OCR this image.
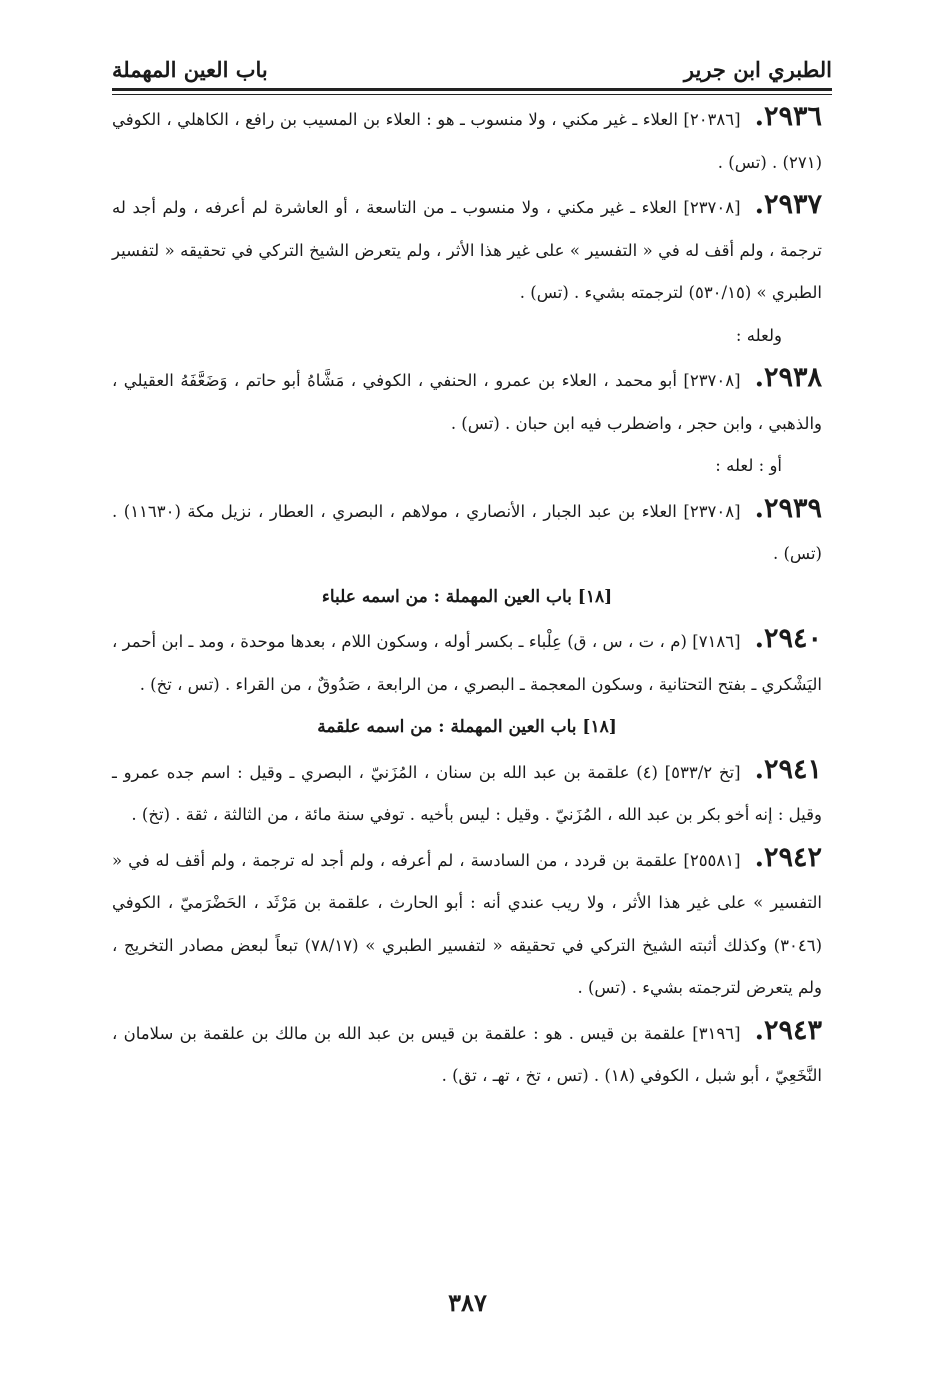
الطبري ابن جرير
باب العين المهملة

٢٩٣٦.[٢٠٣٨٦] العلاء ـ غير مكني ، ولا منسوب ـ هو : العلاء بن المسيب بن رافع ، الكاهلي ، الكوفي (٢٧١) . (تس) .

٢٩٣٧.[٢٣٧٠٨] العلاء ـ غير مكني ، ولا منسوب ـ من التاسعة ، أو العاشرة لم أعرفه ، ولم أجد له ترجمة ، ولم أقف له في « التفسير » على غير هذا الأثر ، ولم يتعرض الشيخ التركي في تحقيقه « لتفسير الطبري » (٥٣٠/١٥) لترجمته بشيء . (تس) .

ولعله :

٢٩٣٨.[٢٣٧٠٨] أبو محمد ، العلاء بن عمرو ، الحنفي ، الكوفي ، مَشَّاهُ أبو حاتم ، وَضَعَّفَهُ العقيلي ، والذهبي ، وابن حجر ، واضطرب فيه ابن حبان . (تس) .

أو : لعله :

٢٩٣٩.[٢٣٧٠٨] العلاء بن عبد الجبار ، الأنصاري ، مولاهم ، البصري ، العطار ، نزيل مكة (١١٦٣٠) . (تس) .

[١٨] باب العين المهملة : من اسمه علباء

٢٩٤٠.[٧١٨٦] (م ، ت ، س ، ق) عِلْباء ـ بكسر أوله ، وسكون اللام ، بعدها موحدة ، ومد ـ ابن أحمر ، اليَشْكري ـ بفتح التحتانية ، وسكون المعجمة ـ البصري ، من الرابعة ، صَدُوقٌ ، من القراء . (تس ، تخ) .

[١٨] باب العين المهملة : من اسمه علقمة

٢٩٤١.[تخ ٥٣٣/٢] (٤) علقمة بن عبد الله بن سنان ، المُزَنيّ ، البصري ـ وقيل : اسم جده عمرو ـ وقيل : إنه أخو بكر بن عبد الله ، المُزَنيّ . وقيل : ليس بأخيه . توفي سنة مائة ، من الثالثة ، ثقة . (تخ) .

٢٩٤٢.[٢٥٥٨١] علقمة بن قردد ، من السادسة ، لم أعرفه ، ولم أجد له ترجمة ، ولم أقف له في « التفسير » على غير هذا الأثر ، ولا ريب عندي أنه : أبو الحارث ، علقمة بن مَرْثَد ، الحَضْرَميّ ، الكوفي (٣٠٤٦) وكذلك أثبته الشيخ التركي في تحقيقه « لتفسير الطبري » (٧٨/١٧) تبعاً لبعض مصادر التخريج ، ولم يتعرض لترجمته بشيء . (تس) .

٢٩٤٣.[٣١٩٦] علقمة بن قيس . هو : علقمة بن قيس بن عبد الله بن مالك بن علقمة بن سلامان ، النَّخَعِيّ ، أبو شبل ، الكوفي (١٨) . (تس ، تخ ، تهـ ، تق) .

٣٨٧
